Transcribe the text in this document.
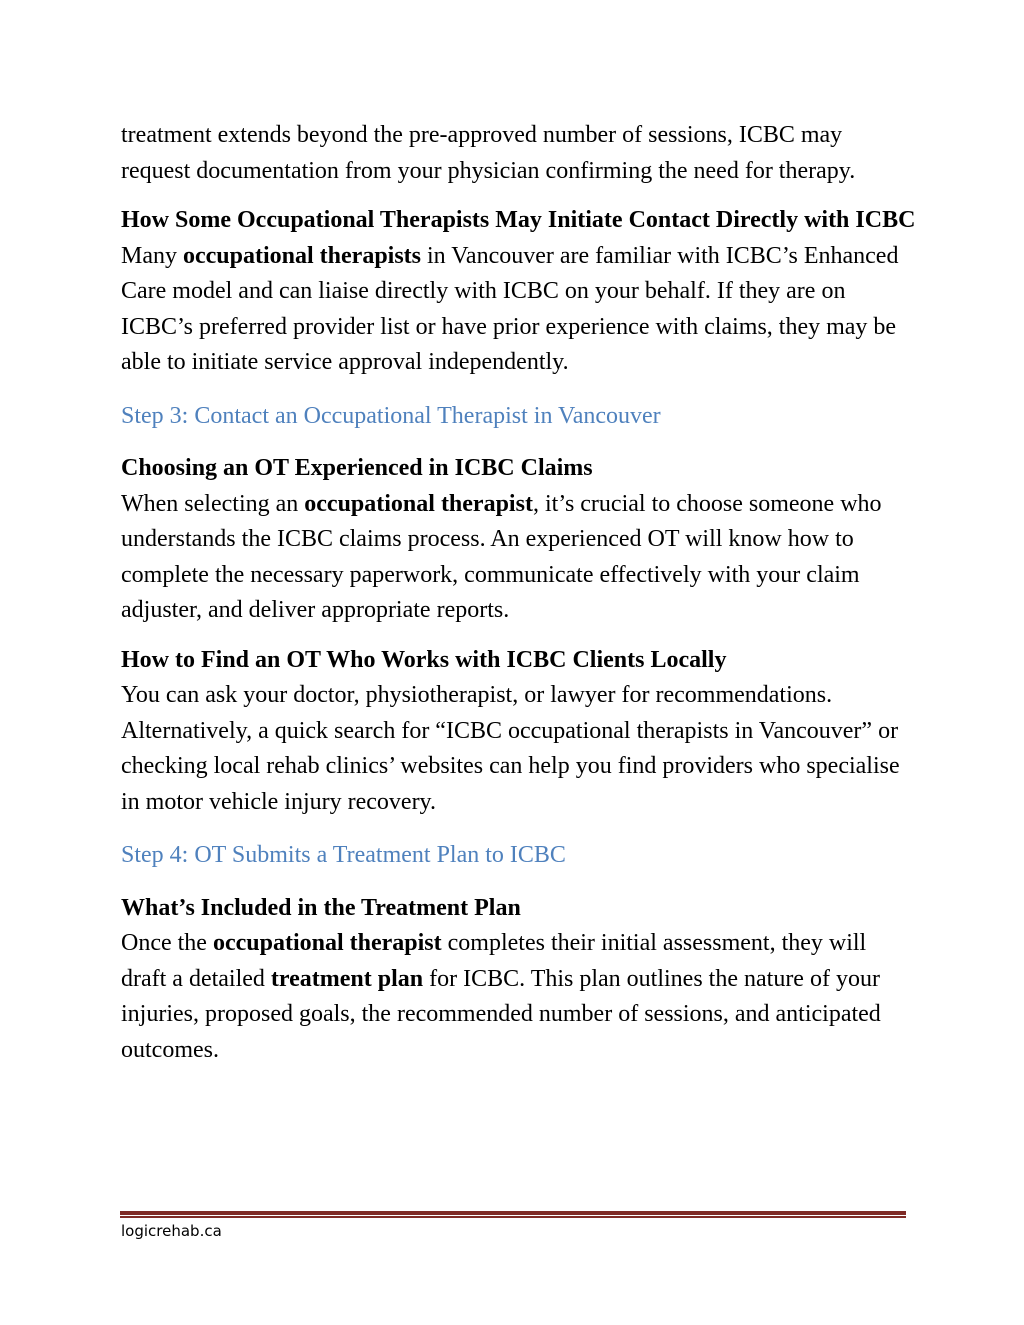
treatment extends beyond the pre-approved number of sessions, ICBC may request documentation from your physician confirming the need for therapy.

How Some Occupational Therapists May Initiate Contact Directly with ICBC

Many occupational therapists in Vancouver are familiar with ICBC’s Enhanced Care model and can liaise directly with ICBC on your behalf. If they are on ICBC’s preferred provider list or have prior experience with claims, they may be able to initiate service approval independently.

Step 3: Contact an Occupational Therapist in Vancouver

Choosing an OT Experienced in ICBC Claims

When selecting an occupational therapist, it’s crucial to choose someone who understands the ICBC claims process. An experienced OT will know how to complete the necessary paperwork, communicate effectively with your claim adjuster, and deliver appropriate reports.

How to Find an OT Who Works with ICBC Clients Locally

You can ask your doctor, physiotherapist, or lawyer for recommendations. Alternatively, a quick search for “ICBC occupational therapists in Vancouver” or checking local rehab clinics’ websites can help you find providers who specialise in motor vehicle injury recovery.

Step 4: OT Submits a Treatment Plan to ICBC

What’s Included in the Treatment Plan

Once the occupational therapist completes their initial assessment, they will draft a detailed treatment plan for ICBC. This plan outlines the nature of your injuries, proposed goals, the recommended number of sessions, and anticipated outcomes.

logicrehab.ca
